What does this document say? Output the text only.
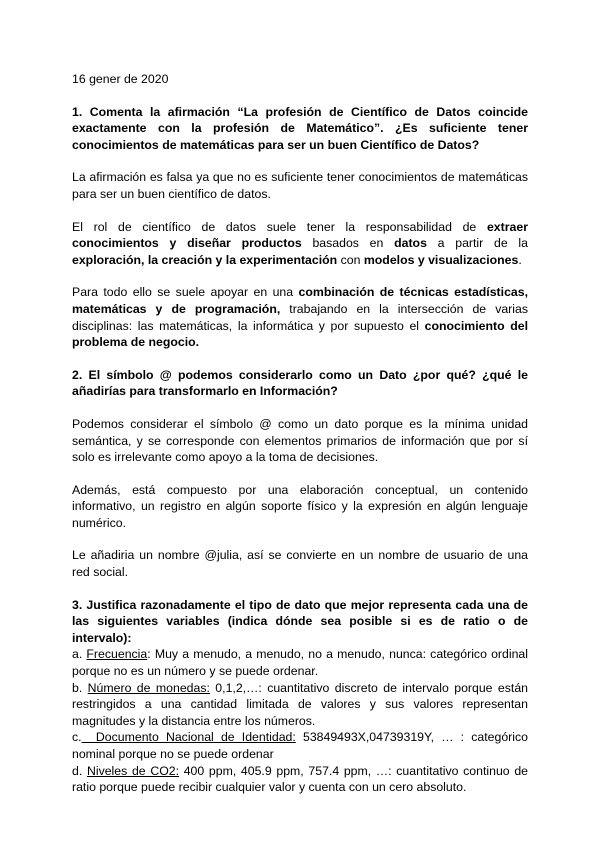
16 gener de 2020

1. Comenta la afirmación “La profesión de Científico de Datos coincide exactamente con la profesión de Matemático”. ¿Es suficiente tener conocimientos de matemáticas para ser un buen Científico de Datos?

La afirmación es falsa ya que no es suficiente tener conocimientos de matemáticas para ser un buen científico de datos.

El rol de científico de datos suele tener la responsabilidad de extraer conocimientos y diseñar productos basados en datos a partir de la exploración, la creación y la experimentación con modelos y visualizaciones.

Para todo ello se suele apoyar en una combinación de técnicas estadísticas, matemáticas y de programación, trabajando en la intersección de varias disciplinas: las matemáticas, la informática y por supuesto el conocimiento del problema de negocio.

2. El símbolo @ podemos considerarlo como un Dato ¿por qué? ¿qué le añadirías para transformarlo en Información?

Podemos considerar el símbolo @ como un dato porque es la mínima unidad semántica, y se corresponde con elementos primarios de información que por sí solo es irrelevante como apoyo a la toma de decisiones.

Además, está compuesto por una elaboración conceptual, un contenido informativo, un registro en algún soporte físico y la expresión en algún lenguaje numérico.

Le añadiria un nombre @julia, así se convierte en un nombre de usuario de una red social.

3. Justifica razonadamente el tipo de dato que mejor representa cada una de las siguientes variables (indica dónde sea posible si es de ratio o de intervalo):

a. Frecuencia: Muy a menudo, a menudo, no a menudo, nunca: categórico ordinal porque no es un número y se puede ordenar.

b. Número de monedas: 0,1,2,…: cuantitativo discreto de intervalo porque están restringidos a una cantidad limitada de valores y sus valores representan magnitudes y la distancia entre los números.

c.  Documento Nacional de Identidad: 53849493X,04739319Y, … : categórico nominal porque no se puede ordenar

d. Niveles de CO2: 400 ppm, 405.9 ppm, 757.4 ppm, …: cuantitativo continuo de ratio porque puede recibir cualquier valor y cuenta con un cero absoluto.
